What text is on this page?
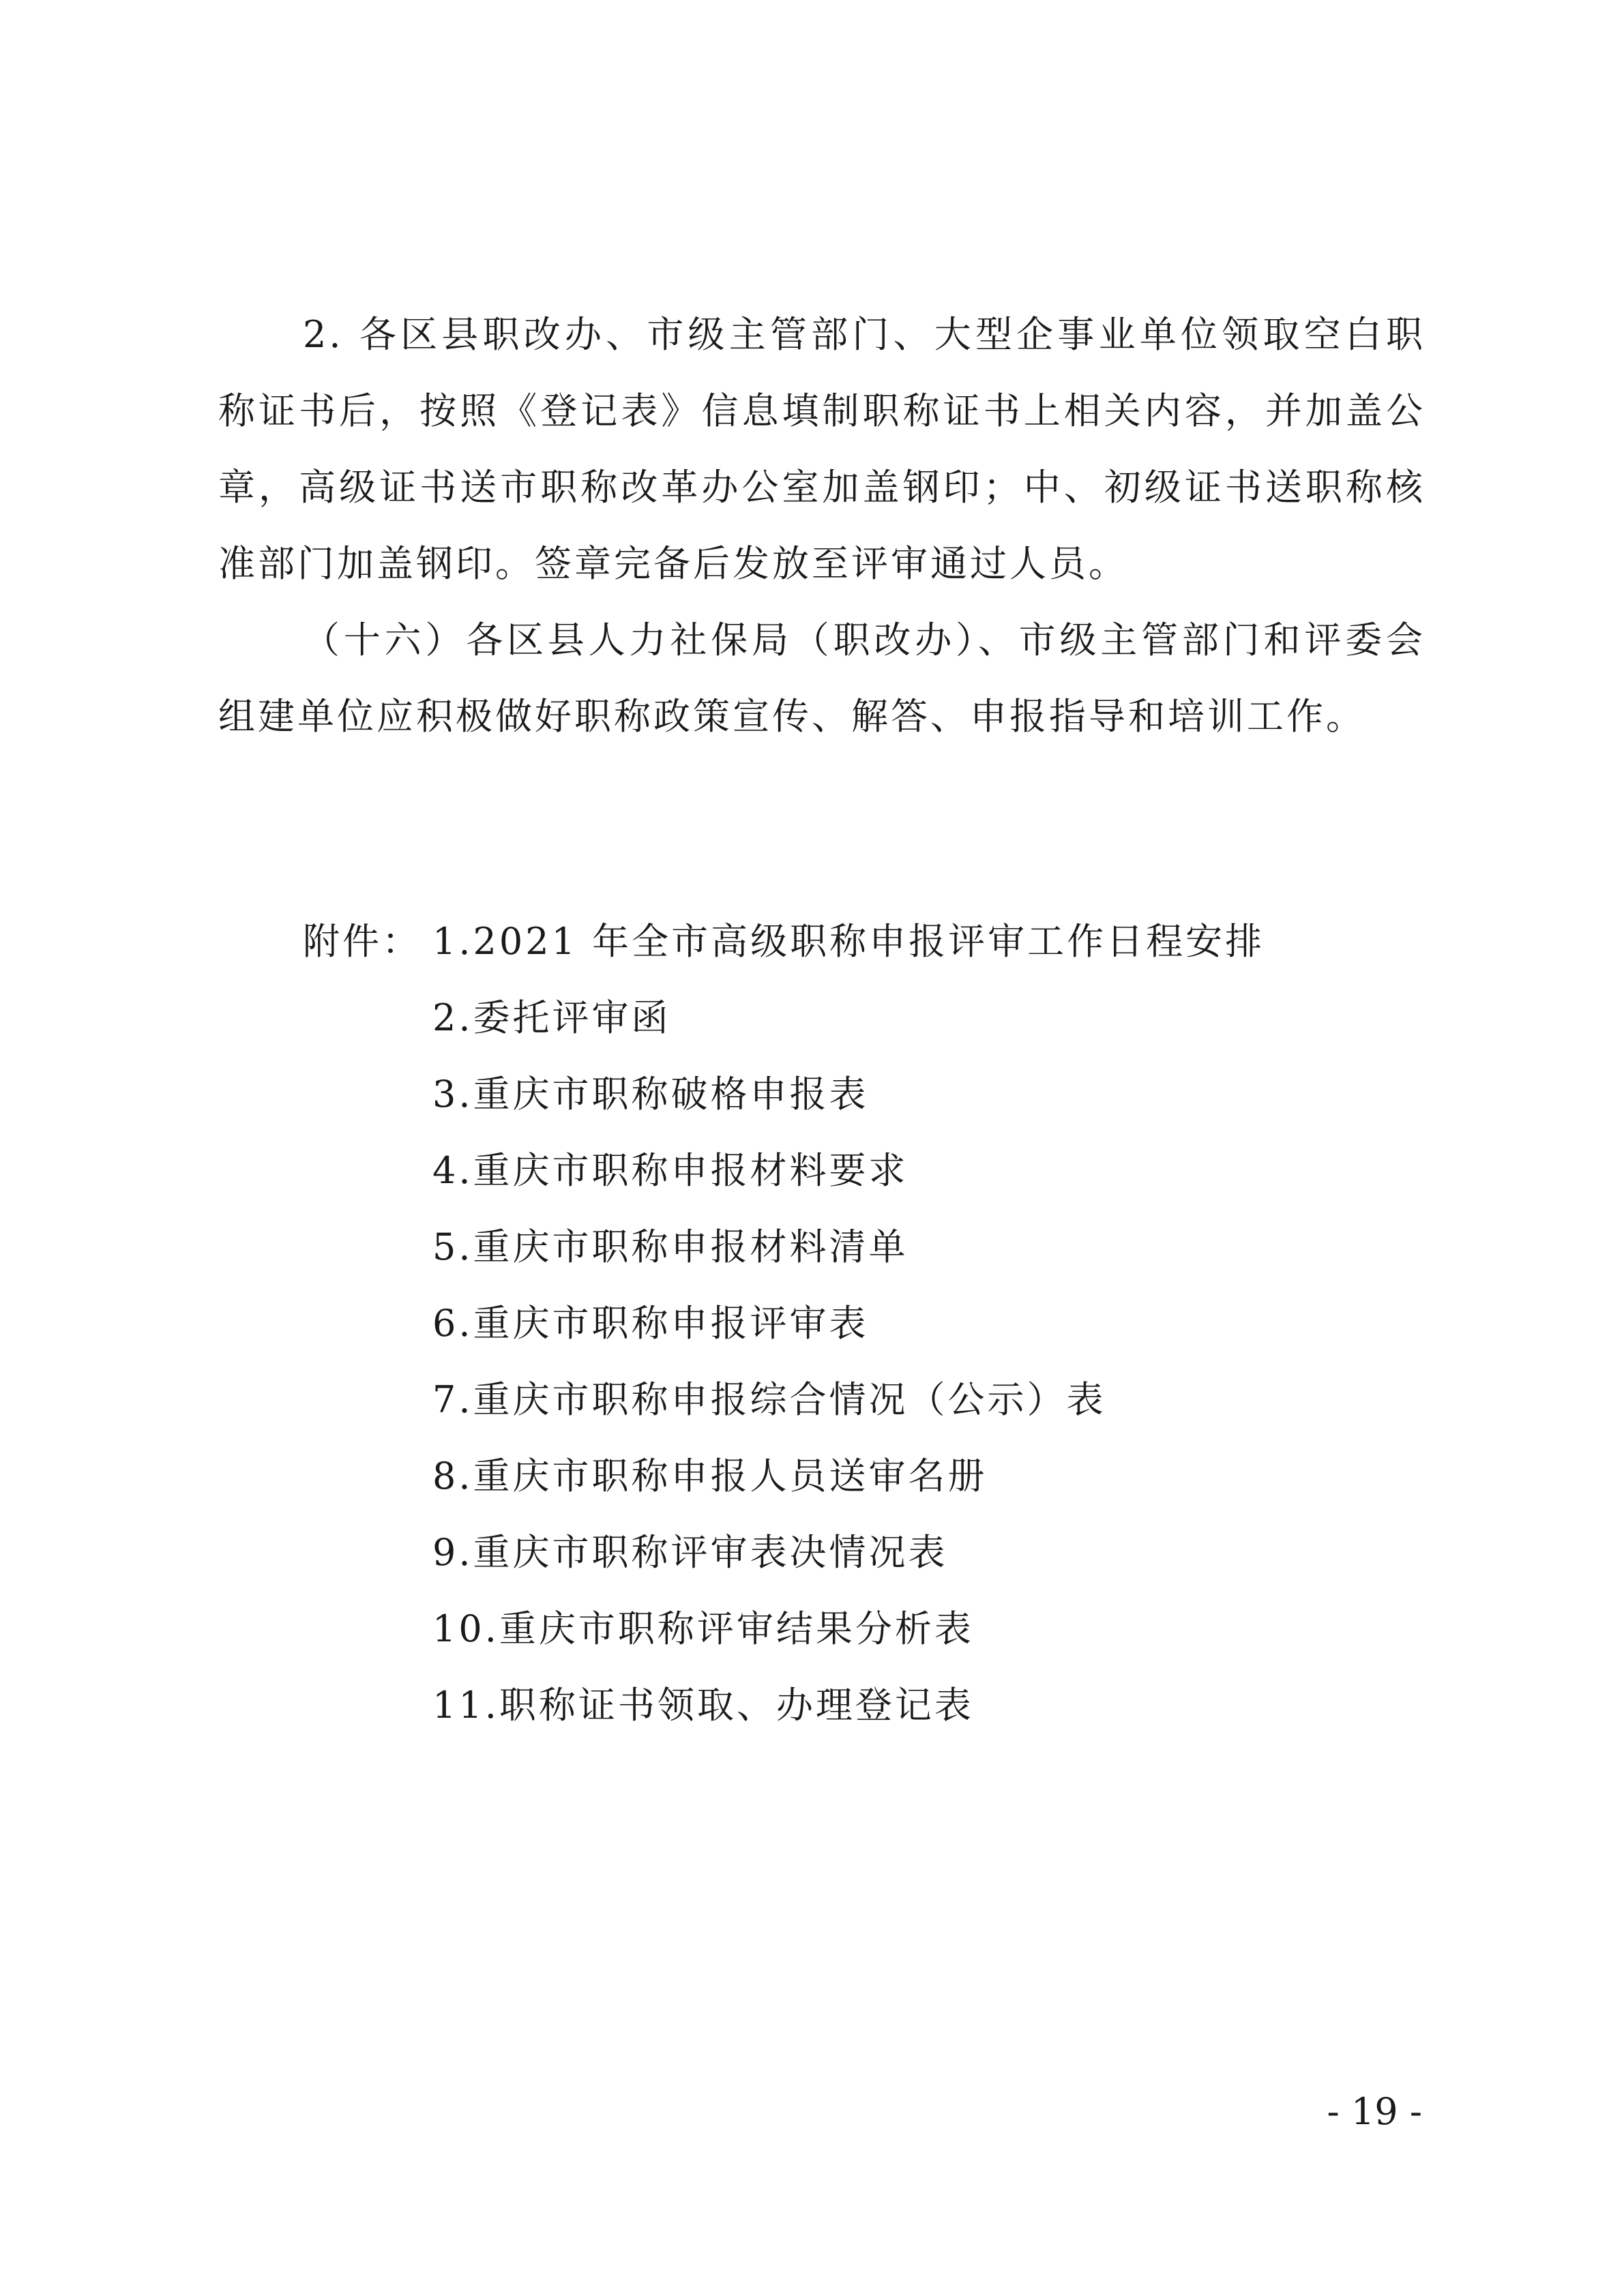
2. 各区县职改办、市级主管部门、大型企事业单位领取空白职称证书后，按照《登记表》信息填制职称证书上相关内容，并加盖公章，高级证书送市职称改革办公室加盖钢印；中、初级证书送职称核准部门加盖钢印。签章完备后发放至评审通过人员。

（十六）各区县人力社保局（职改办）、市级主管部门和评委会组建单位应积极做好职称政策宣传、解答、申报指导和培训工作。

附件： 1.2021 年全市高级职称申报评审工作日程安排
2.委托评审函
3.重庆市职称破格申报表
4.重庆市职称申报材料要求
5.重庆市职称申报材料清单
6.重庆市职称申报评审表
7.重庆市职称申报综合情况（公示）表
8.重庆市职称申报人员送审名册
9.重庆市职称评审表决情况表
10.重庆市职称评审结果分析表
11.职称证书领取、办理登记表
- 19 -
